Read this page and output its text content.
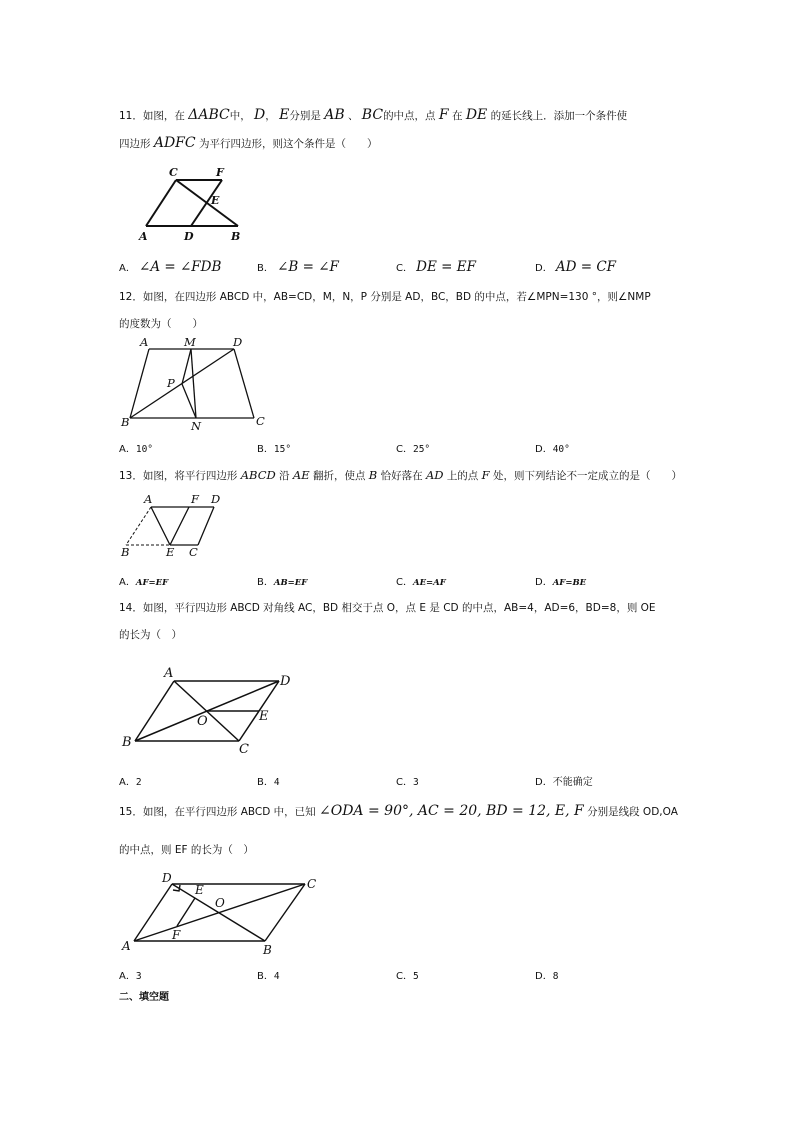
11．如图，在 ΔABC中， D， E分别是 AB 、 BC的中点，点 F 在 DE 的延长线上．添加一个条件使
四边形 ADFC 为平行四边形，则这个条件是（　　）
C	F
E
A	D	B
A． ∠A = ∠FDB	B． ∠B = ∠F	C． DE = EF	D． AD = CF
12．如图，在四边形 ABCD 中，AB=CD，M，N，P 分别是 AD，BC，BD 的中点，若∠MPN=130 °，则∠NMP
的度数为（　　）
A	M	D
P
B	N	C
A．10°	B．15°	C．25°	D．40°
13．如图，将平行四边形 ABCD 沿 AE 翻折，使点 B 恰好落在 AD 上的点 F 处，则下列结论不一定成立的是（　　）
A	F D
B	E C
A．AF=EF	B．AB=EF	C．AE=AF	D．AF=BE
14．如图，平行四边形 ABCD 对角线 AC，BD 相交于点 O，点 E 是 CD 的中点，AB=4，AD=6，BD=8，则 OE
的长为（　）
A
D
O	E
B	C
A．2	B．4	C．3	D．不能确定
15．如图，在平行四边形 ABCD 中，已知 ∠ODA = 90°, AC = 20, BD = 12, E, F 分别是线段 OD,OA
的中点，则 EF 的长为（　）
D
E	C
O
F
A	B
A．3	B．4	C．5	D．8
二、填空题
